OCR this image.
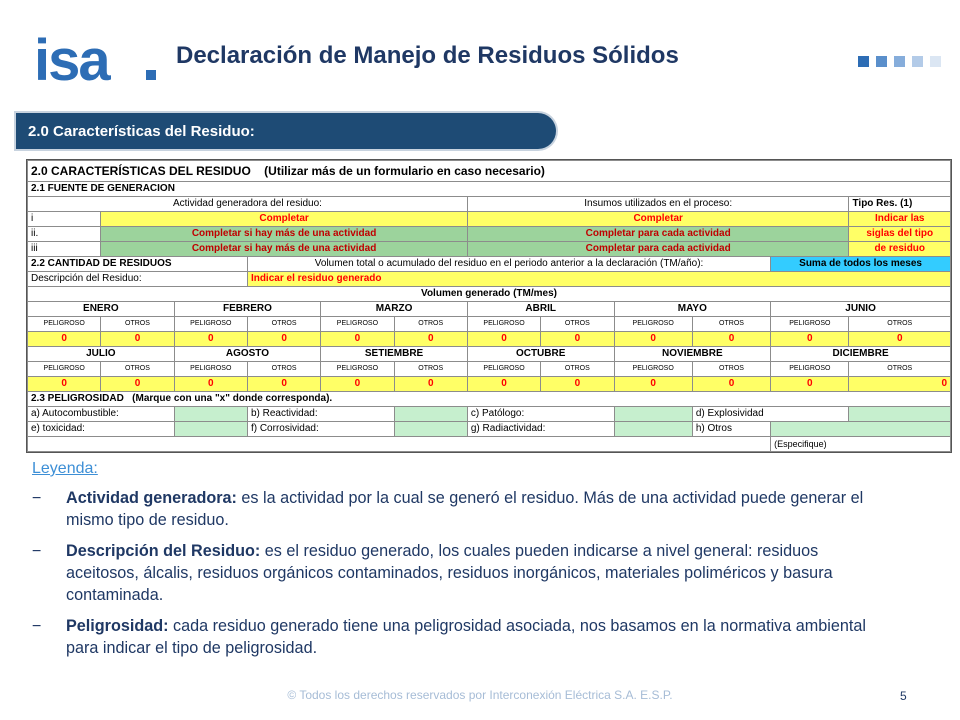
isa	Declaración de Manejo de Residuos Sólidos
2.0 Características del Residuo:
2.0 CARACTERÍSTICAS DEL RESIDUO (Utilizar más de un formulario en caso necesario)											
2.1 FUENTE DE GENERACION											
Actividad generadora del residuo:						Insumos utilizados en el proceso:					Tipo Res. (1)
i	Completar					Completar					Indicar las
ii.	Completar si hay más de una actividad					Completar para cada actividad					siglas del tipo
iii	Completar si hay más de una actividad					Completar para cada actividad					de residuo
2.2 CANTIDAD DE RESIDUOS			Volumen total o acumulado del residuo en el periodo anterior a la declaración (TM/año):							Suma de todos los meses	
Descripción del Residuo:			Indicar el residuo generado								
Volumen generado (TM/mes)											
ENERO		FEBRERO		MARZO		ABRIL		MAYO		JUNIO	
PELIGROSO	OTROS	PELIGROSO	OTROS	PELIGROSO	OTROS	PELIGROSO	OTROS	PELIGROSO	OTROS	PELIGROSO	OTROS
0	0	0	0	0	0	0	0	0	0	0	0
JULIO		AGOSTO		SETIEMBRE		OCTUBRE		NOVIEMBRE		DICIEMBRE	
PELIGROSO	OTROS	PELIGROSO	OTROS	PELIGROSO	OTROS	PELIGROSO	OTROS	PELIGROSO	OTROS	PELIGROSO	OTROS
0	0	0	0	0	0	0	0	0	0	0	0
2.3 PELIGROSIDAD (Marque con una "x" donde corresponda).											
a) Autocombustible:			b) Reactividad:			c) Patólogo:			d) Explosividad		
e) toxicidad:			f) Corrosividad:			g) Radiactividad:			h) Otros		
										(Especifique)	
Leyenda:
− Actividad generadora: es la actividad por la cual se generó el residuo. Más de una actividad puede generar el mismo tipo de residuo.
− Descripción del Residuo: es el residuo generado, los cuales pueden indicarse a nivel general: residuos aceitosos, álcalis, residuos orgánicos contaminados, residuos inorgánicos, materiales poliméricos y basura contaminada.
− Peligrosidad: cada residuo generado tiene una peligrosidad asociada, nos basamos en la normativa ambiental para indicar el tipo de peligrosidad.
© Todos los derechos reservados por Interconexión Eléctrica S.A. E.S.P.	5
